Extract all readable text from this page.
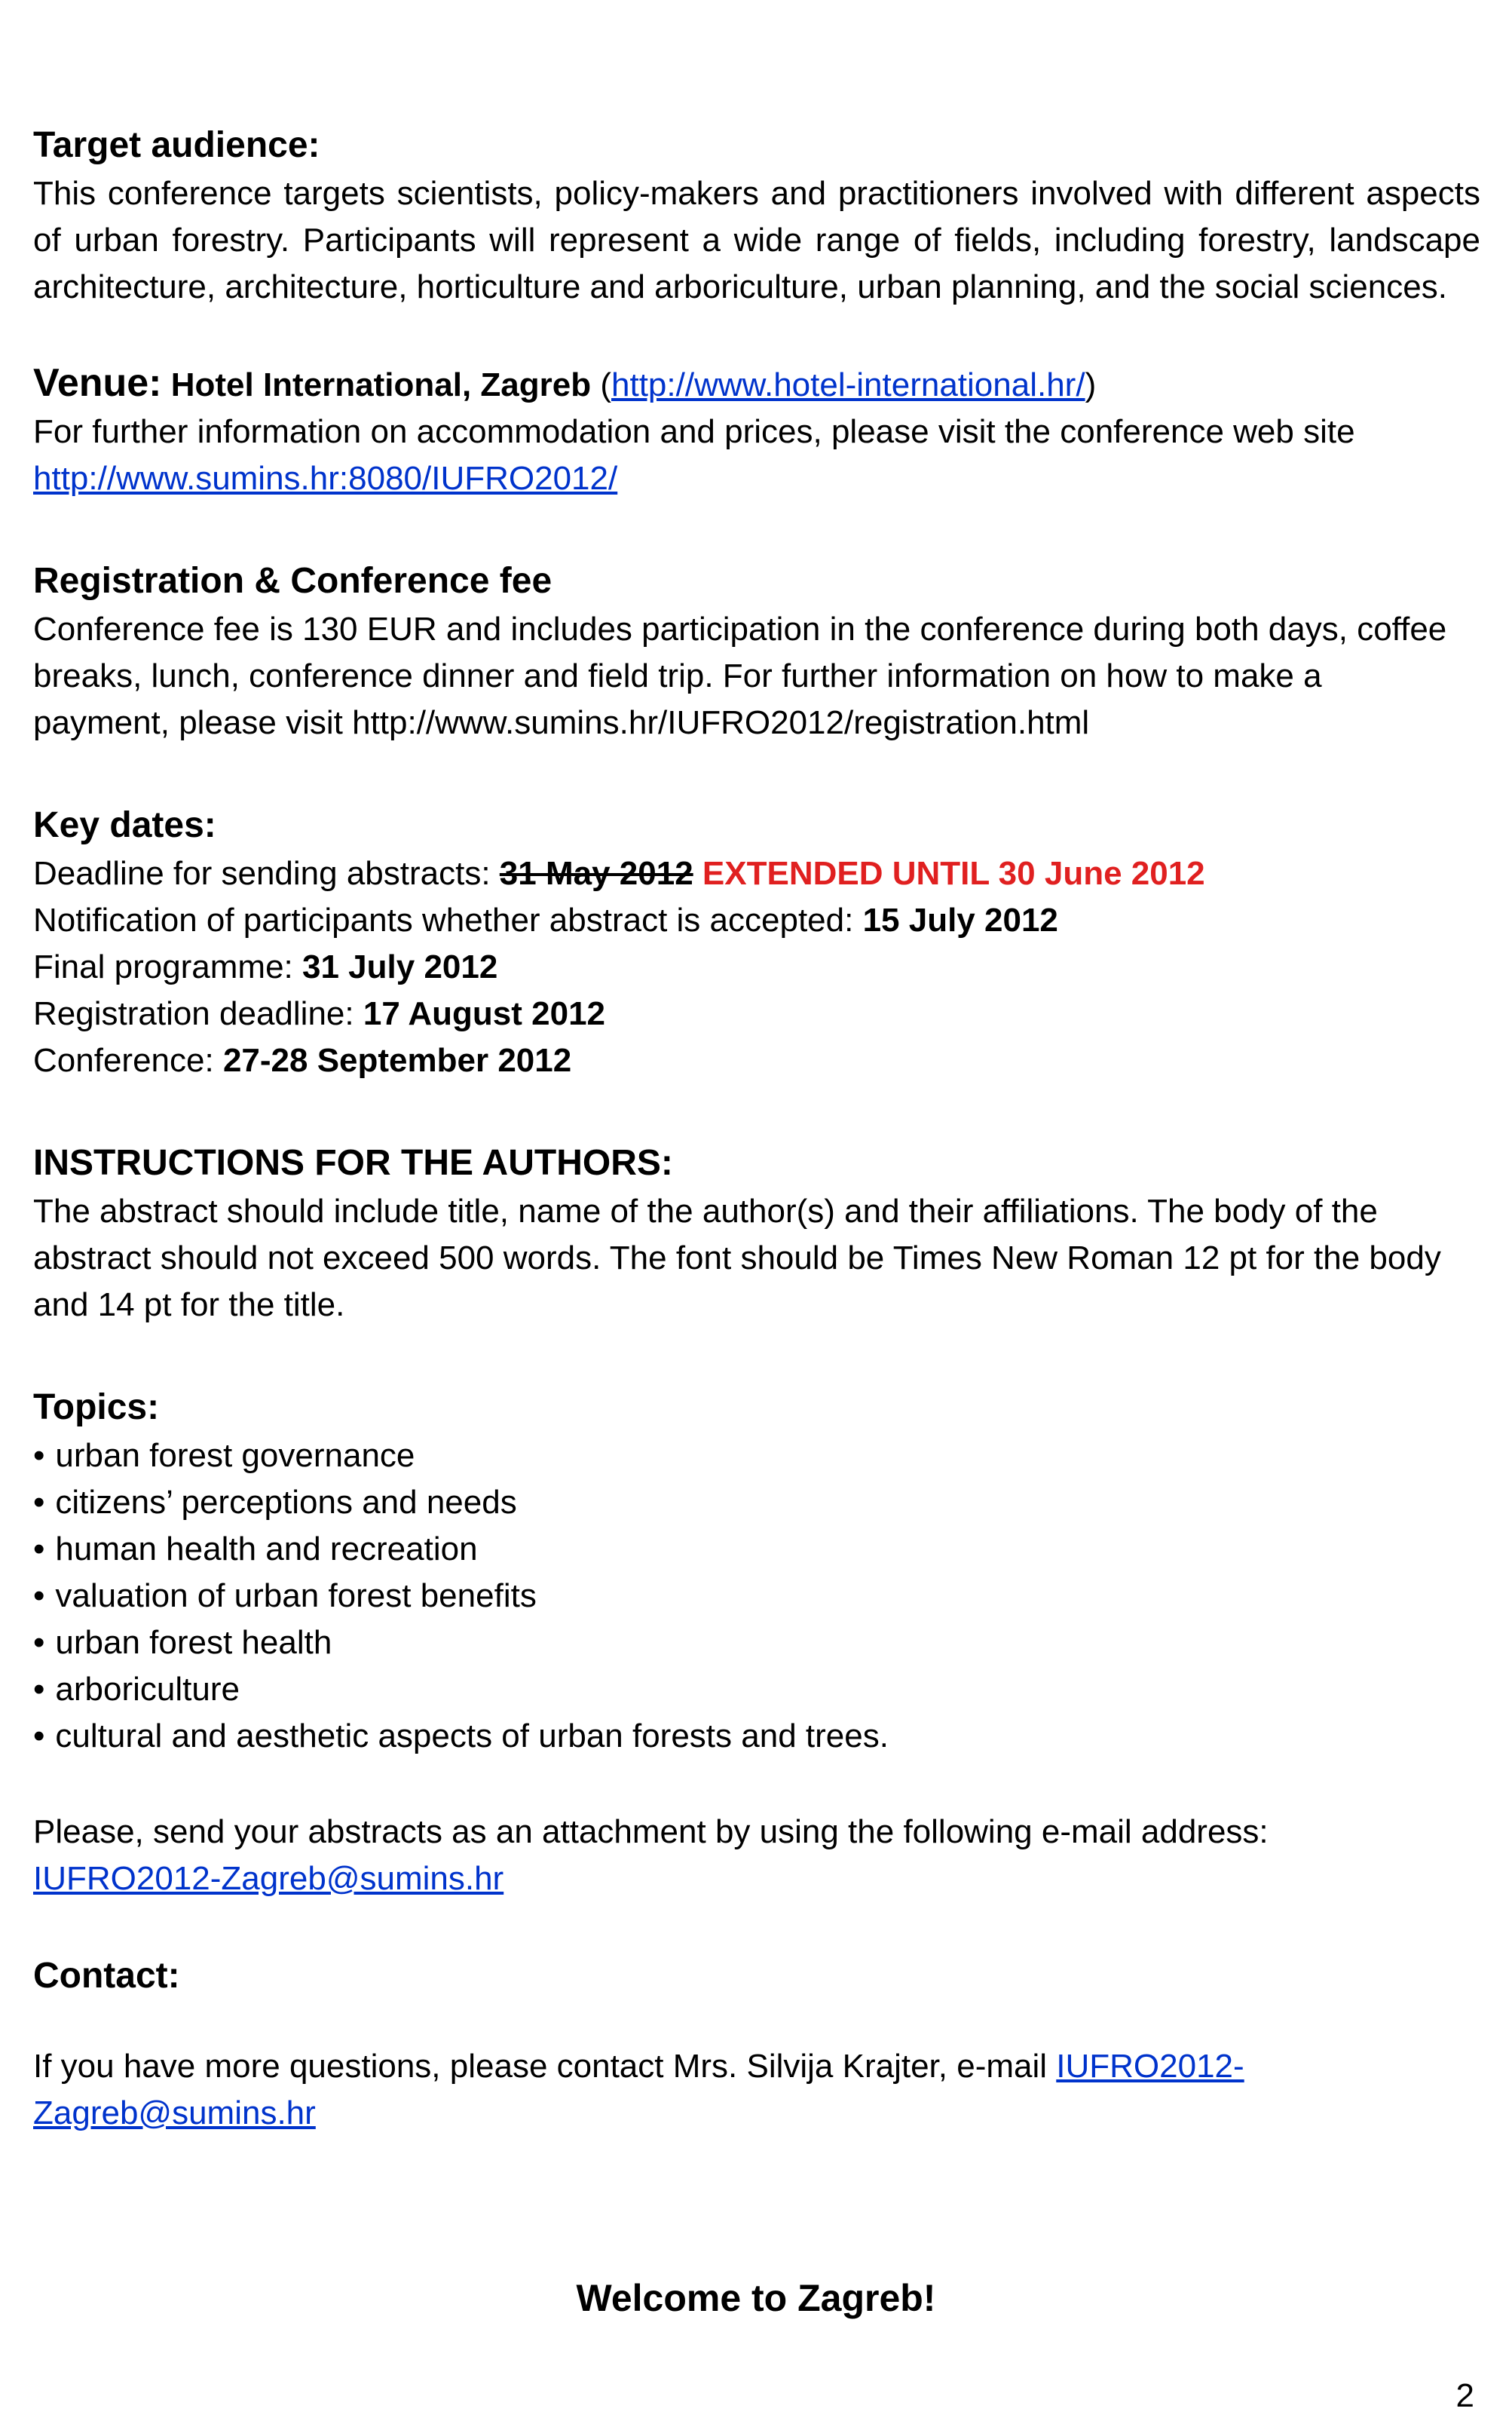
Target audience:
This conference targets scientists, policy-makers and practitioners involved with different aspects of urban forestry. Participants will represent a wide range of fields, including forestry, landscape architecture, architecture, horticulture and arboriculture, urban planning, and the social sciences.
Venue: Hotel International, Zagreb (http://www.hotel-international.hr/)
For further information on accommodation and prices, please visit the conference web site
http://www.sumins.hr:8080/IUFRO2012/
Registration & Conference fee
Conference fee is 130 EUR and includes participation in the conference during both days, coffee breaks, lunch, conference dinner and field trip. For further information on how to make a payment, please visit http://www.sumins.hr/IUFRO2012/registration.html
Key dates:
Deadline for sending abstracts: 31 May 2012 EXTENDED UNTIL 30 June 2012
Notification of participants whether abstract is accepted: 15 July 2012
Final programme: 31 July 2012
Registration deadline: 17 August 2012
Conference: 27-28 September 2012
INSTRUCTIONS FOR THE AUTHORS:
The abstract should include title, name of the author(s) and their affiliations. The body of the abstract should not exceed 500 words. The font should be Times New Roman 12 pt for the body and 14 pt for the title.
Topics:
• urban forest governance
• citizens’ perceptions and needs
• human health and recreation
• valuation of urban forest benefits
• urban forest health
• arboriculture
• cultural and aesthetic aspects of urban forests and trees.
Please, send your abstracts as an attachment by using the following e-mail address:
IUFRO2012-Zagreb@sumins.hr
Contact:
If you have more questions, please contact Mrs. Silvija Krajter, e-mail IUFRO2012-Zagreb@sumins.hr
Welcome to Zagreb!
2
